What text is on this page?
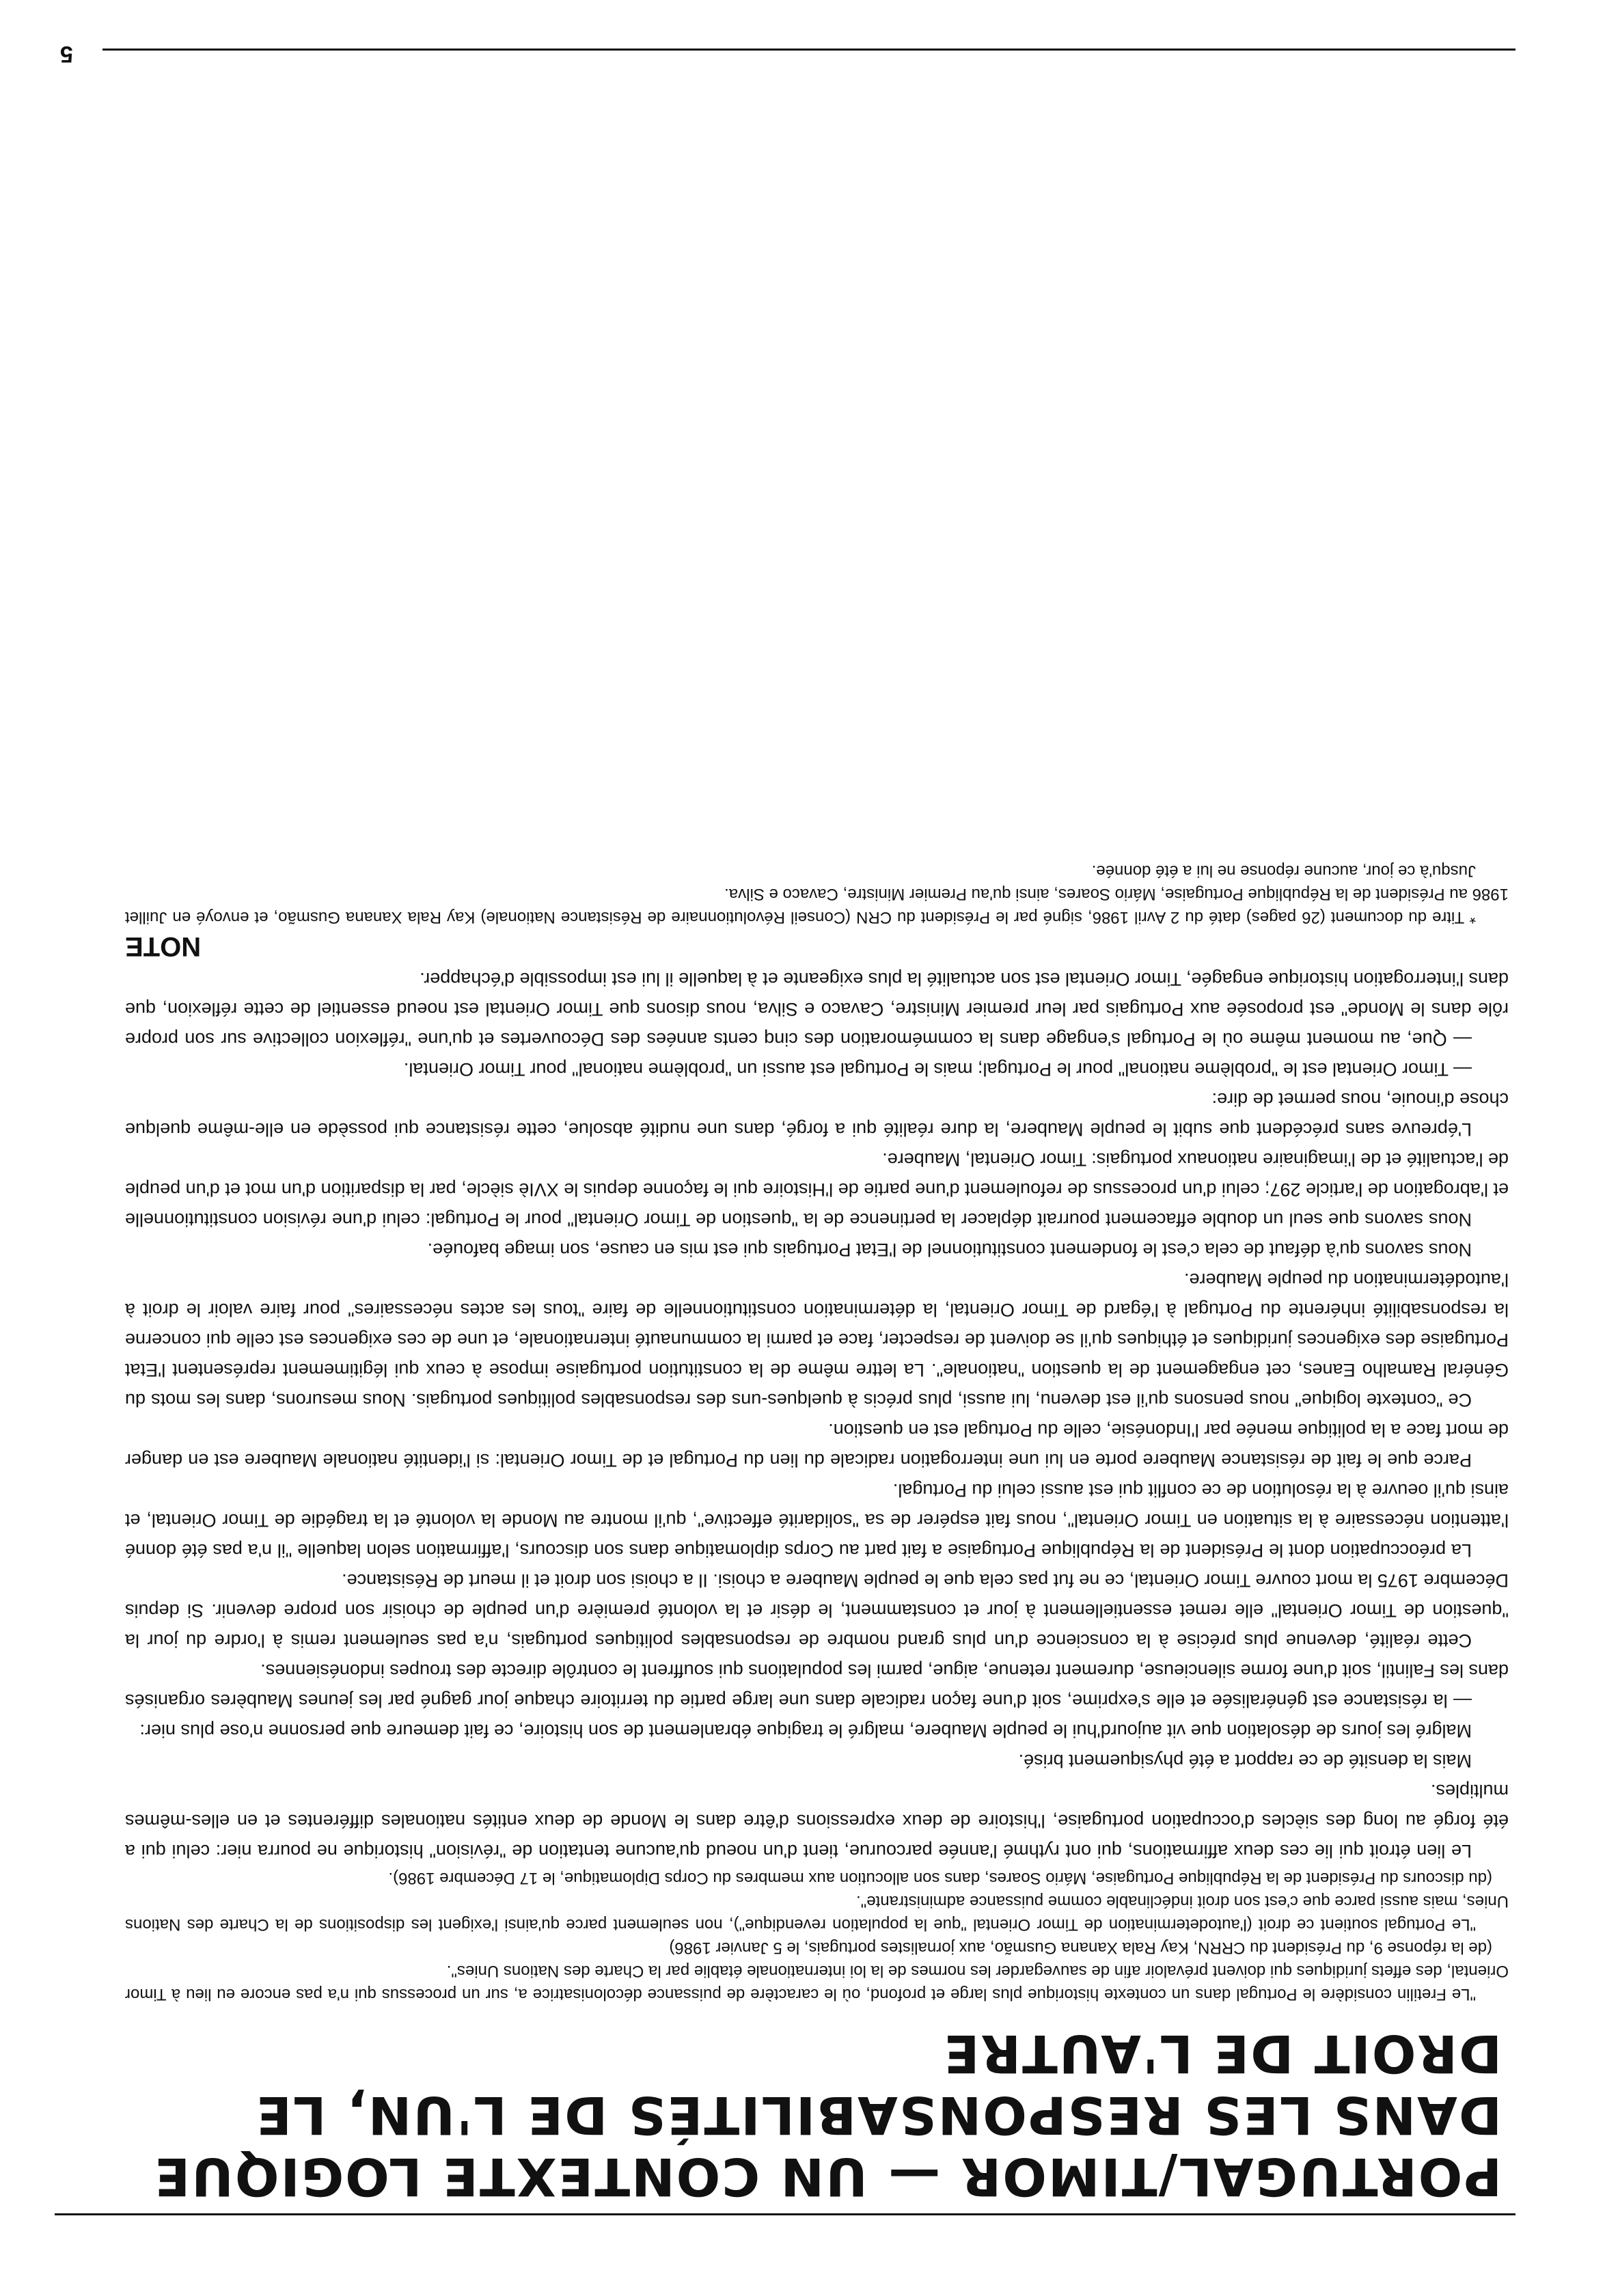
PORTUGAL/TIMOR — UN CONTEXTE LOGIQUE DANS LES RESPONSABILITÉS DE L'UN, LE DROIT DE L'AUTRE

"Le Fretilin considère le Portugal dans un contexte historique plus large et profond, où le caractère de puissance décolonisatrice a, sur un processus qui n'a pas encore eu lieu à Timor Oriental, des effets juridiques qui doivent prévaloir afin de sauvegarder les normes de la loi internationale établie par la Charte des Nations Unies".

(de la réponse 9, du Président du CRRN, Kay Rala Xanana Gusmão, aux jornalistes portugais, le 5 Janvier 1986)

"Le Portugal soutient ce droit (l'autodetermination de Timor Oriental "que la population revendique"), non seulement parce qu'ainsi l'exigent les dispositions de la Charte des Nations Unies, mais aussi parce que c'est son droit indéclinable comme puissance administrante".

(du discours du Président de la République Portugaise, Mário Soares, dans son allocution aux membres du Corps Diplomatique, le 17 Décembre 1986).

Le lien étroit qui lie ces deux affirmations, qui ont rythmé l'année parcourue, tient d'un noeud qu'aucune tentation de "révision" historique ne pourra nier: celui qui a été forgé au long des siècles d'occupation portugaise, l'histoire de deux expressions d'être dans le Monde de deux entités nationales différentes et en elles-mêmes multiples.

Mais la densité de ce rapport a été physiquement brisé.

Malgré les jours de désolation que vit aujourd'hui le peuple Maubere, malgré le tragique ébranlement de son histoire, ce fait demeure que personne n'ose plus nier:

— la résistance est généralisée et elle s'exprime, soit d'une façon radicale dans une large partie du territoire chaque jour gagné par les jeunes Maubères organisés dans les Falintil, soit d'une forme silencieuse, durement retenue, aigue, parmi les populations qui souffrent le contrôle directe des troupes indonésiennes.

Cette réalité, devenue plus précise à la conscience d'un plus grand nombre de responsables politiques portugais, n'a pas seulement remis à l'ordre du jour la "question de Timor Oriental" elle remet essentiellement à jour et constamment, le désir et la volonté première d'un peuple de choisir son propre devenir. Si depuis Décembre 1975 la mort couvre Timor Oriental, ce ne fut pas cela que le peuple Maubere a choisi. Il a choisi son droit et il meurt de Résistance.

La préoccupation dont le Président de la République Portugaise a fait part au Corps diplomatique dans son discours, l'affirmation selon laquelle "il n'a pas été donné l'attention nécessaire à la situation en Timor Oriental", nous fait espérer de sa "solidarité effective", qu'il montre au Monde la volonté et la tragédie de Timor Oriental, et ainsi qu'il oeuvre à la résolution de ce conflit qui est aussi celui du Portugal.

Parce que le fait de résistance Maubere porte en lui une interrogation radicale du lien du Portugal et de Timor Oriental: si l'identité nationale Maubere est en danger de mort face a la politique menée par l'Indonésie, celle du Portugal est en question.

Ce "contexte logique" nous pensons qu'il est devenu, lui aussi, plus précis à quelques-uns des responsables politiques portugais. Nous mesurons, dans les mots du Général Ramalho Eanes, cet engagement de la question "nationale". La lettre même de la constitution portugaise impose à ceux qui légitimement représentent l'Etat Portugaise des exigences juridiques et éthiques qu'il se doivent de respecter, face et parmi la communauté internationale, et une de ces exigences est celle qui concerne la responsabilité inhérente du Portugal à l'égard de Timor Oriental, la détermination constitutionnelle de faire "tous les actes nécessaires" pour faire valoir le droit à l'autodétermination du peuple Maubere.

Nous savons qu'à défaut de cela c'est le fondement constitutionnel de l'Etat Portugais qui est mis en cause, son image bafouée.

Nous savons que seul un double effacement pourrait déplacer la pertinence de la "question de Timor Oriental" pour le Portugal: celui d'une révision constitutionnelle et l'abrogation de l'article 297; celui d'un processus de refoulement d'une partie de l'Histoire qui le façonne depuis le XVIè siècle, par la disparition d'un mot et d'un peuple de l'actualité et de l'imaginaire nationaux portugais: Timor Oriental, Maubere.

L'épreuve sans précédent que subit le peuple Maubere, la dure réalité qui a forgé, dans une nudité absolue, cette résistance qui possède en elle-même quelque chose d'inouie, nous permet de dire:

— Timor Oriental est le "problème national" pour le Portugal; mais le Portugal est aussi un "problème national" pour Timor Oriental.

— Que, au moment même où le Portugal s'engage dans la commémoration des cinq cents années des Découvertes et qu'une "réflexion collective sur son propre rôle dans le Monde" est proposée aux Portugais par leur premier Ministre, Cavaco e Silva, nous disons que Timor Oriental est noeud essentiel de cette réflexion, que dans l'interrogation historique engagée, Timor Oriental est son actualité la plus exigeante et à laquelle il lui est impossible d'échapper.

NOTE

* Titre du document (26 pages) daté du 2 Avril 1986, signé par le Président du CRN (Conseil Révolutionnaire de Résistance Nationale) Kay Rala Xanana Gusmão, et envoyé en Juillet 1986 au Président de la République Portugaise, Mário Soares, ainsi qu'au Premier Ministre, Cavaco e Silva.

Jusqu'à ce jour, aucune réponse ne lui a été donnée.

5
